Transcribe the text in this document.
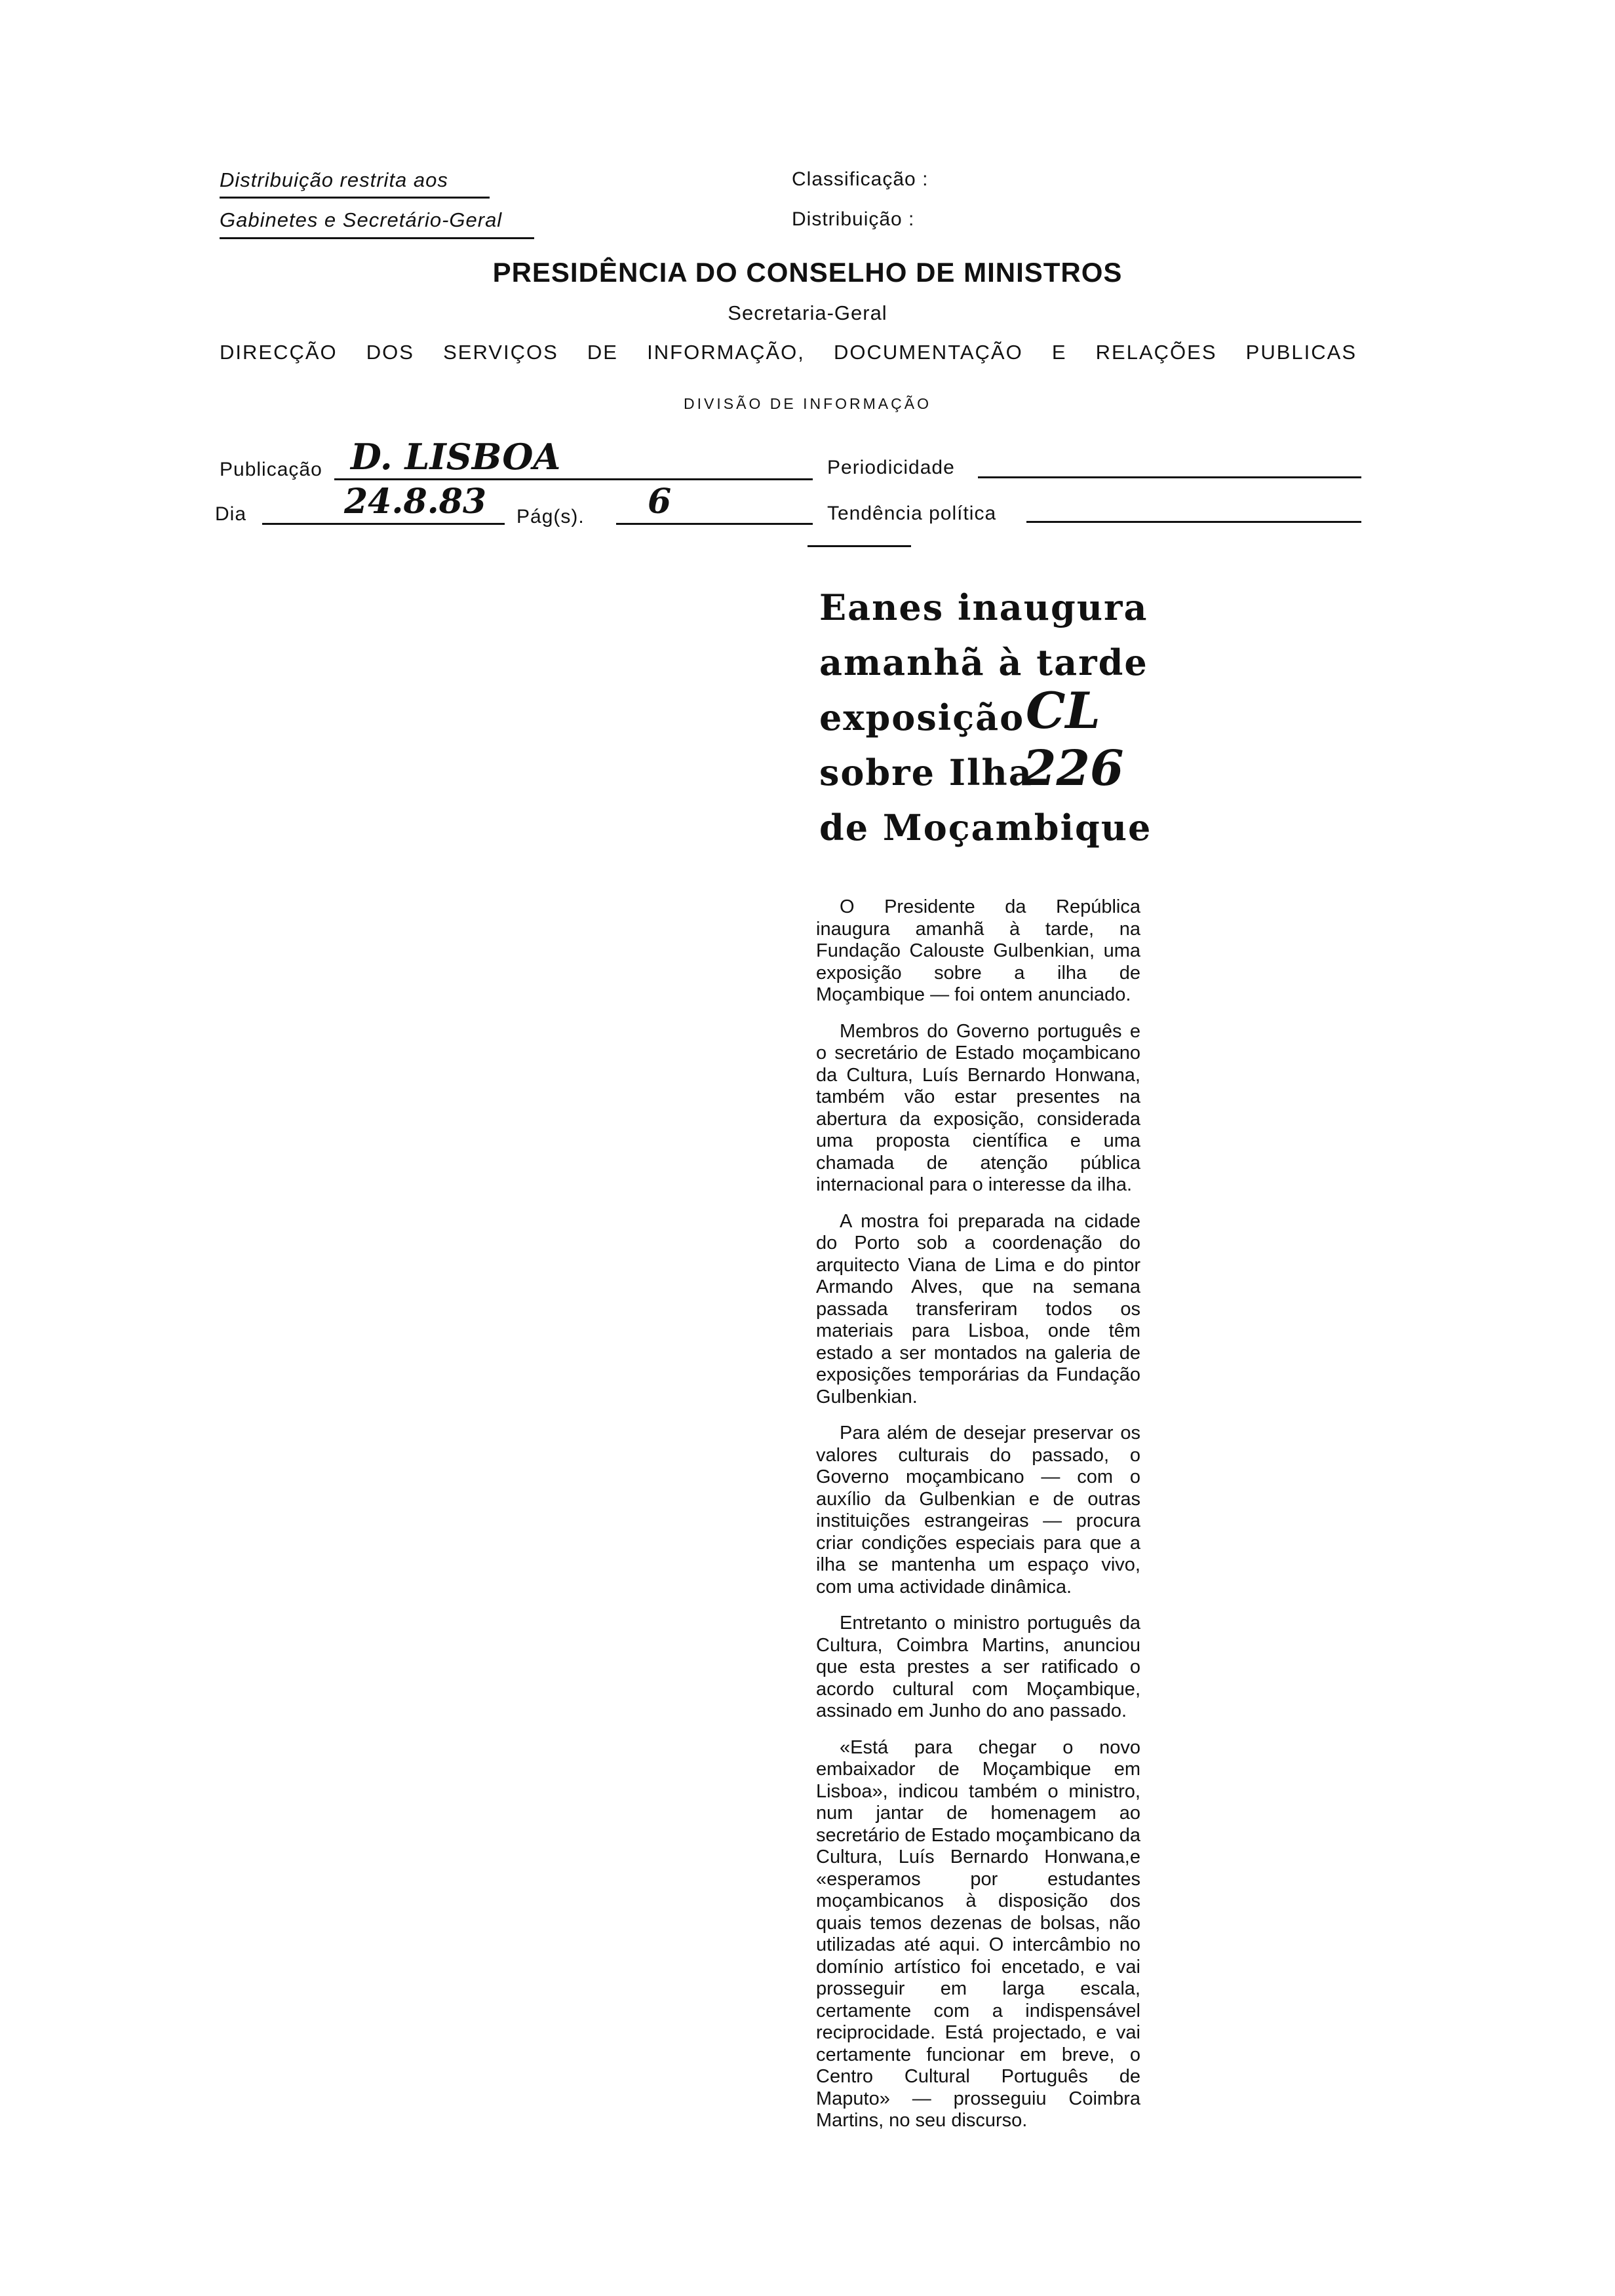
Distribuição restrita aos
Gabinetes e Secretário-Geral
Classificação :
Distribuição :
PRESIDÊNCIA DO CONSELHO DE MINISTROS
Secretaria-Geral
DIRECÇÃO DOS SERVIÇOS DE INFORMAÇÃO, DOCUMENTAÇÃO E RELAÇÕES PUBLICAS
DIVISÃO DE INFORMAÇÃO
Publicação D. LISBOA	Periodicidade
Dia	24.8.83 Pág(s). 6	Tendência política
Eanes inaugura
amanhã à tarde
exposição
sobre Ilha
de Moçambique
CL
226

O Presidente da República inaugura amanhã à tarde, na Fundação Calouste Gulbenkian, uma exposição sobre a ilha de Moçambique — foi ontem anunciado.

Membros do Governo português e o secretário de Estado moçambicano da Cultura, Luís Bernardo Honwana, também vão estar presentes na abertura da exposição, considerada uma proposta científica e uma chamada de atenção pública internacional para o interesse da ilha.

A mostra foi preparada na cidade do Porto sob a coordenação do arquitecto Viana de Lima e do pintor Armando Alves, que na semana passada transferiram todos os materiais para Lisboa, onde têm estado a ser montados na galeria de exposições temporárias da Fundação Gulbenkian.

Para além de desejar preservar os valores culturais do passado, o Governo moçambicano — com o auxílio da Gulbenkian e de outras instituições estrangeiras — procura criar condições especiais para que a ilha se mantenha um espaço vivo, com uma actividade dinâmica.

Entretanto o ministro português da Cultura, Coimbra Martins, anunciou que esta prestes a ser ratificado o acordo cultural com Moçambique, assinado em Junho do ano passado.

«Está para chegar o novo embaixador de Moçambique em Lisboa», indicou também o ministro, num jantar de homenagem ao secretário de Estado moçambicano da Cultura, Luís Bernardo Honwana,e «esperamos por estudantes moçambicanos à disposição dos quais temos dezenas de bolsas, não utilizadas até aqui. O intercâmbio no domínio artístico foi encetado, e vai prosseguir em larga escala, certamente com a indispensável reciprocidade. Está projectado, e vai certamente funcionar em breve, o Centro Cultural Português de Maputo» — prosseguiu Coimbra Martins, no seu discurso.
